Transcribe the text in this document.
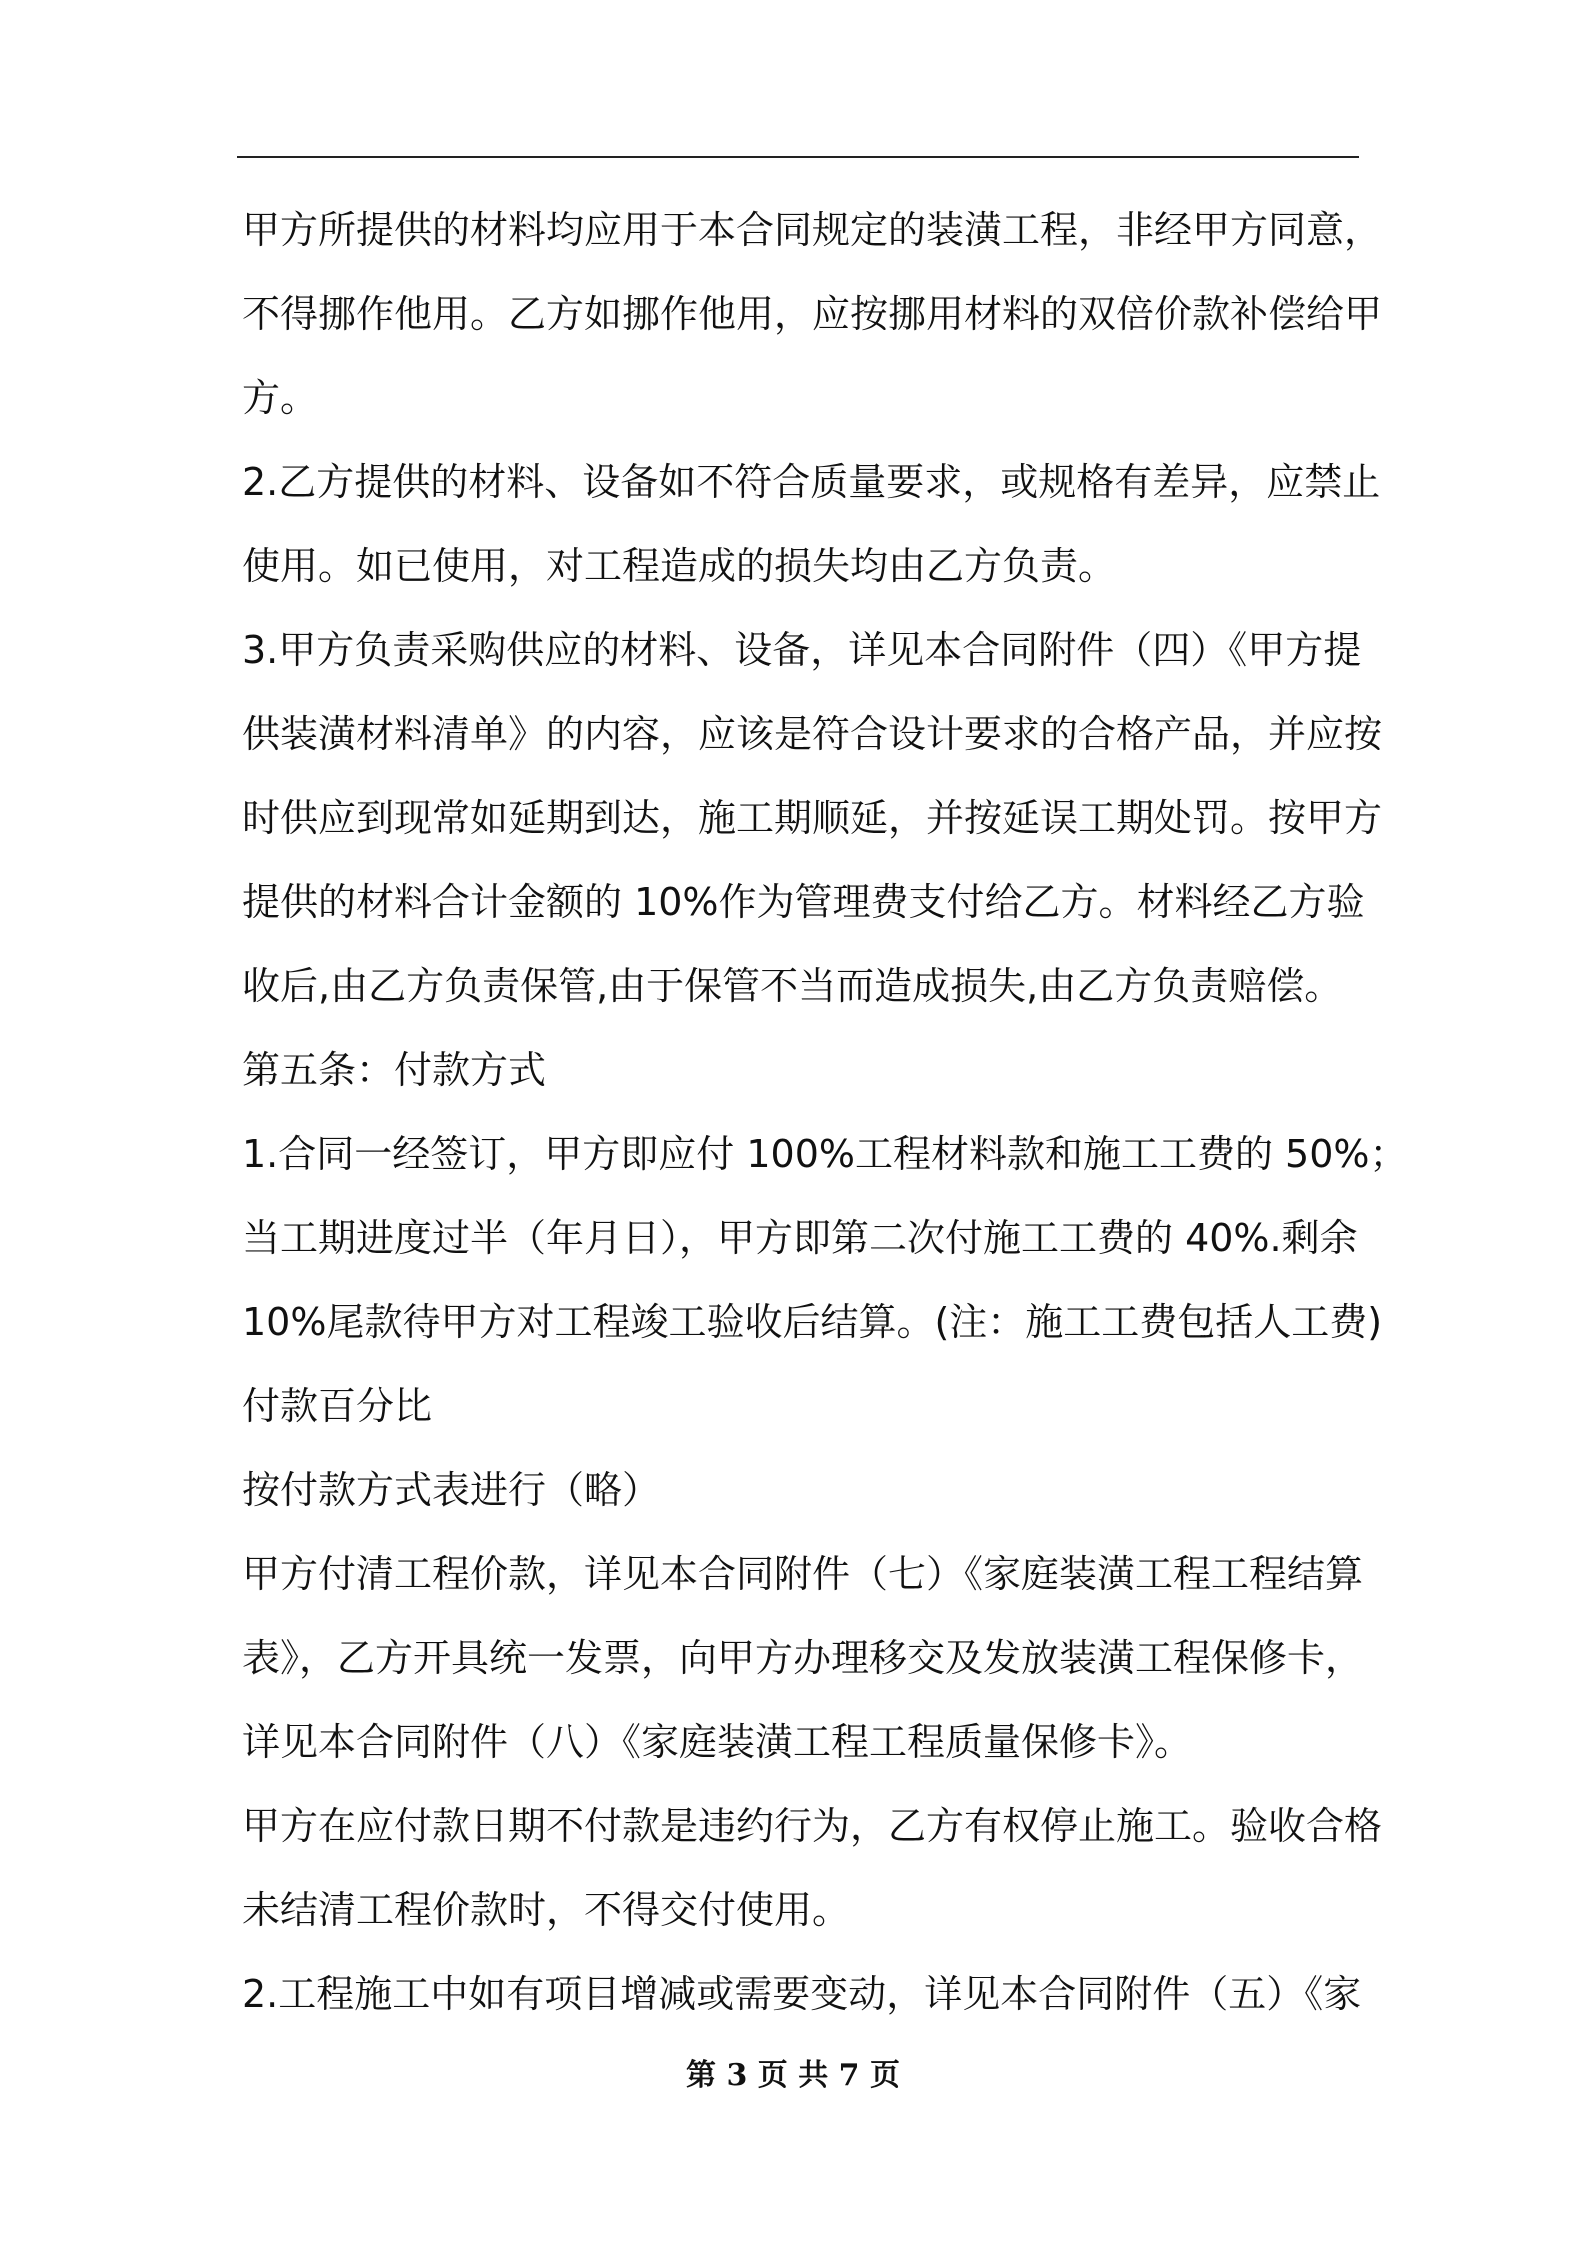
甲方所提供的材料均应用于本合同规定的装潢工程，非经甲方同意，
不得挪作他用。乙方如挪作他用，应按挪用材料的双倍价款补偿给甲
方。
2.乙方提供的材料、设备如不符合质量要求，或规格有差异，应禁止
使用。如已使用，对工程造成的损失均由乙方负责。
3.甲方负责采购供应的材料、设备，详见本合同附件（四）《甲方提
供装潢材料清单》的内容，应该是符合设计要求的合格产品，并应按
时供应到现常如延期到达，施工期顺延，并按延误工期处罚。按甲方
提供的材料合计金额的 10%作为管理费支付给乙方。材料经乙方验
收后,由乙方负责保管,由于保管不当而造成损失,由乙方负责赔偿。
第五条：付款方式
1.合同一经签订，甲方即应付 100%工程材料款和施工工费的 50%；
当工期进度过半（年月日），甲方即第二次付施工工费的 40%.剩余
10%尾款待甲方对工程竣工验收后结算。(注：施工工费包括人工费)
付款百分比
按付款方式表进行（略）
甲方付清工程价款，详见本合同附件（七）《家庭装潢工程工程结算
表》，乙方开具统一发票，向甲方办理移交及发放装潢工程保修卡，
详见本合同附件（八）《家庭装潢工程工程质量保修卡》。
甲方在应付款日期不付款是违约行为，乙方有权停止施工。验收合格
未结清工程价款时，不得交付使用。
2.工程施工中如有项目增减或需要变动，详见本合同附件（五）《家
第 3 页 共 7 页
